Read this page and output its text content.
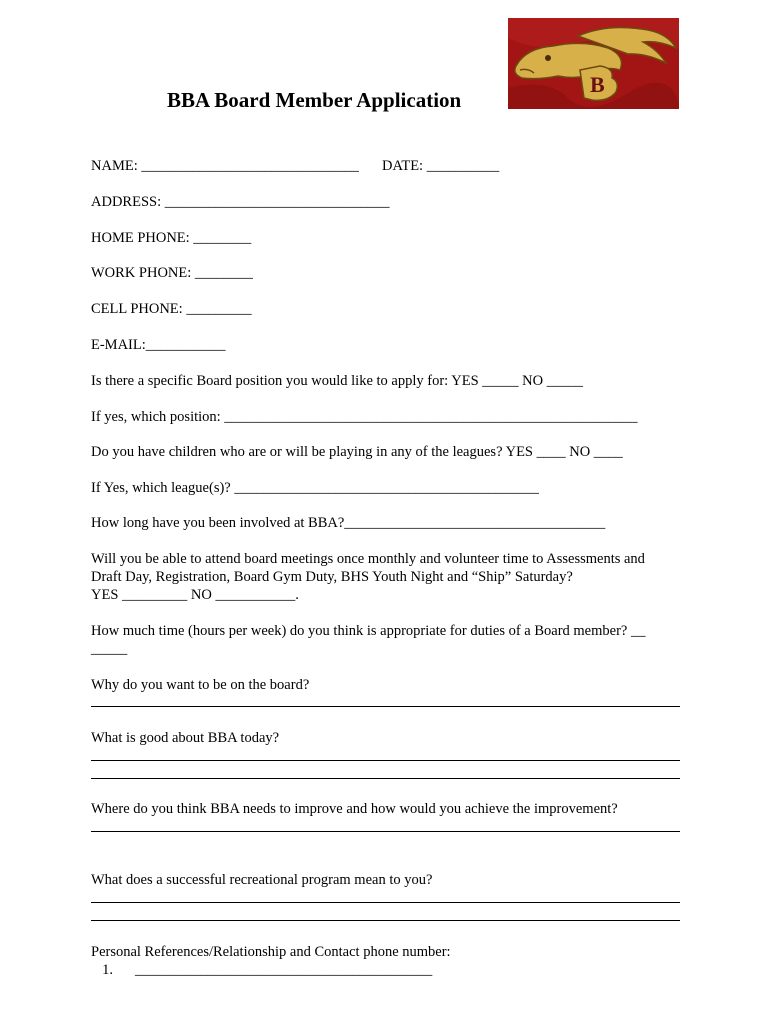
B
BBA Board Member Application
NAME: ______________________________ DATE: __________
ADDRESS: _______________________________
HOME PHONE: ________
WORK PHONE: ________
CELL PHONE: _________
E-MAIL:___________
Is there a specific Board position you would like to apply for: YES _____ NO _____
If yes, which position: _________________________________________________________
Do you have children who are or will be playing in any of the leagues? YES ____ NO ____
If Yes, which league(s)? __________________________________________
How long have you been involved at BBA?____________________________________
Will you be able to attend board meetings once monthly and volunteer time to Assessments and
Draft Day, Registration, Board Gym Duty, BHS Youth Night and “Ship” Saturday?
YES _________ NO ___________.
How much time (hours per week) do you think is appropriate for duties of a Board member? __
_____
Why do you want to be on the board?
What is good about BBA today?
Where do you think BBA needs to improve and how would you achieve the improvement?
What does a successful recreational program mean to you?
Personal References/Relationship and Contact phone number:
1. _________________________________________
